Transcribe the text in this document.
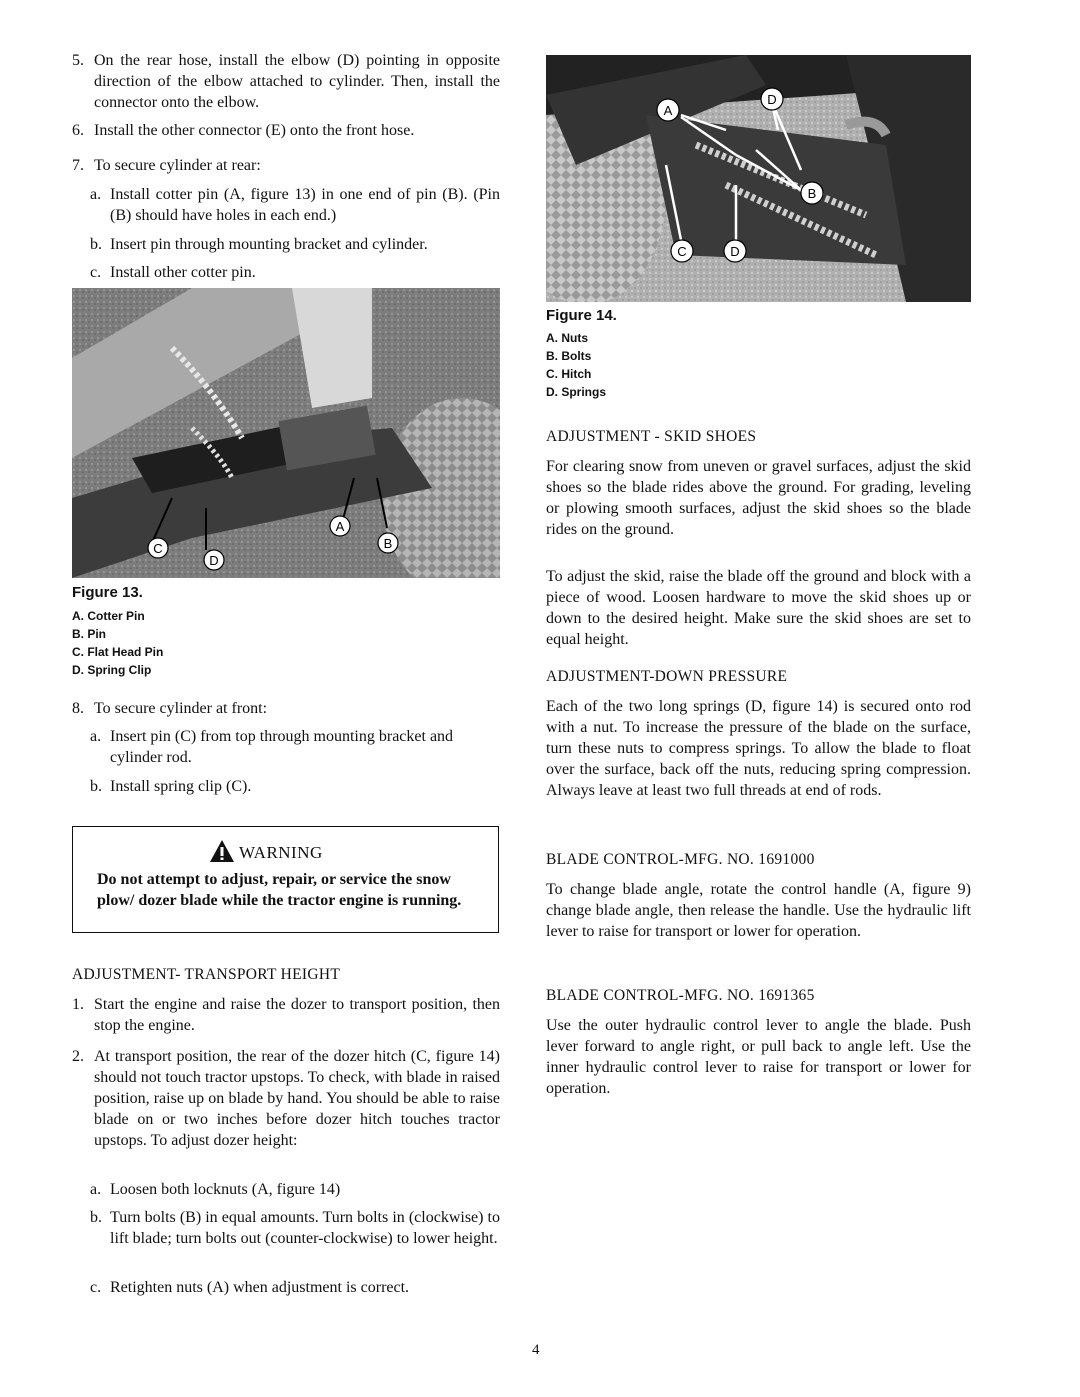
5. On the rear hose, install the elbow (D) pointing in opposite direction of the elbow attached to cylinder. Then, install the connector onto the elbow.
6. Install the other connector (E) onto the front hose.
7. To secure cylinder at rear:
a. Install cotter pin (A, figure 13) in one end of pin (B). (Pin (B) should have holes in each end.)
b. Insert pin through mounting bracket and cylinder.
c. Install other cotter pin.
A
B
C
D
Figure 13.
A. Cotter Pin
B. Pin
C. Flat Head Pin
D. Spring Clip
8. To secure cylinder at front:
a. Insert pin (C) from top through mounting bracket and cylinder rod.
b. Install spring clip (C).
WARNING
Do not attempt to adjust, repair, or service the snow plow/ dozer blade while the tractor engine is running.
ADJUSTMENT- TRANSPORT HEIGHT
1. Start the engine and raise the dozer to transport position, then stop the engine.
2. At transport position, the rear of the dozer hitch (C, figure 14) should not touch tractor upstops. To check, with blade in raised position, raise up on blade by hand. You should be able to raise blade on or two inches before dozer hitch touches tractor upstops. To adjust dozer height:
a. Loosen both locknuts (A, figure 14)
b. Turn bolts (B) in equal amounts. Turn bolts in (clockwise) to lift blade; turn bolts out (counter-clockwise) to lower height.
c. Retighten nuts (A) when adjustment is correct.
A
D
B
C	D
Figure 14.
A. Nuts
B. Bolts
C. Hitch
D. Springs
ADJUSTMENT - SKID SHOES
For clearing snow from uneven or gravel surfaces, adjust the skid shoes so the blade rides above the ground. For grading, leveling or plowing smooth surfaces, adjust the skid shoes so the blade rides on the ground.
To adjust the skid, raise the blade off the ground and block with a piece of wood. Loosen hardware to move the skid shoes up or down to the desired height. Make sure the skid shoes are set to equal height.
ADJUSTMENT-DOWN PRESSURE
Each of the two long springs (D, figure 14) is secured onto rod with a nut. To increase the pressure of the blade on the surface, turn these nuts to compress springs. To allow the blade to float over the surface, back off the nuts, reducing spring compression. Always leave at least two full threads at end of rods.
BLADE CONTROL-MFG. NO. 1691000
To change blade angle, rotate the control handle (A, figure 9) change blade angle, then release the handle. Use the hydraulic lift lever to raise for transport or lower for operation.
BLADE CONTROL-MFG. NO. 1691365
Use the outer hydraulic control lever to angle the blade. Push lever forward to angle right, or pull back to angle left. Use the inner hydraulic control lever to raise for transport or lower for operation.
4
